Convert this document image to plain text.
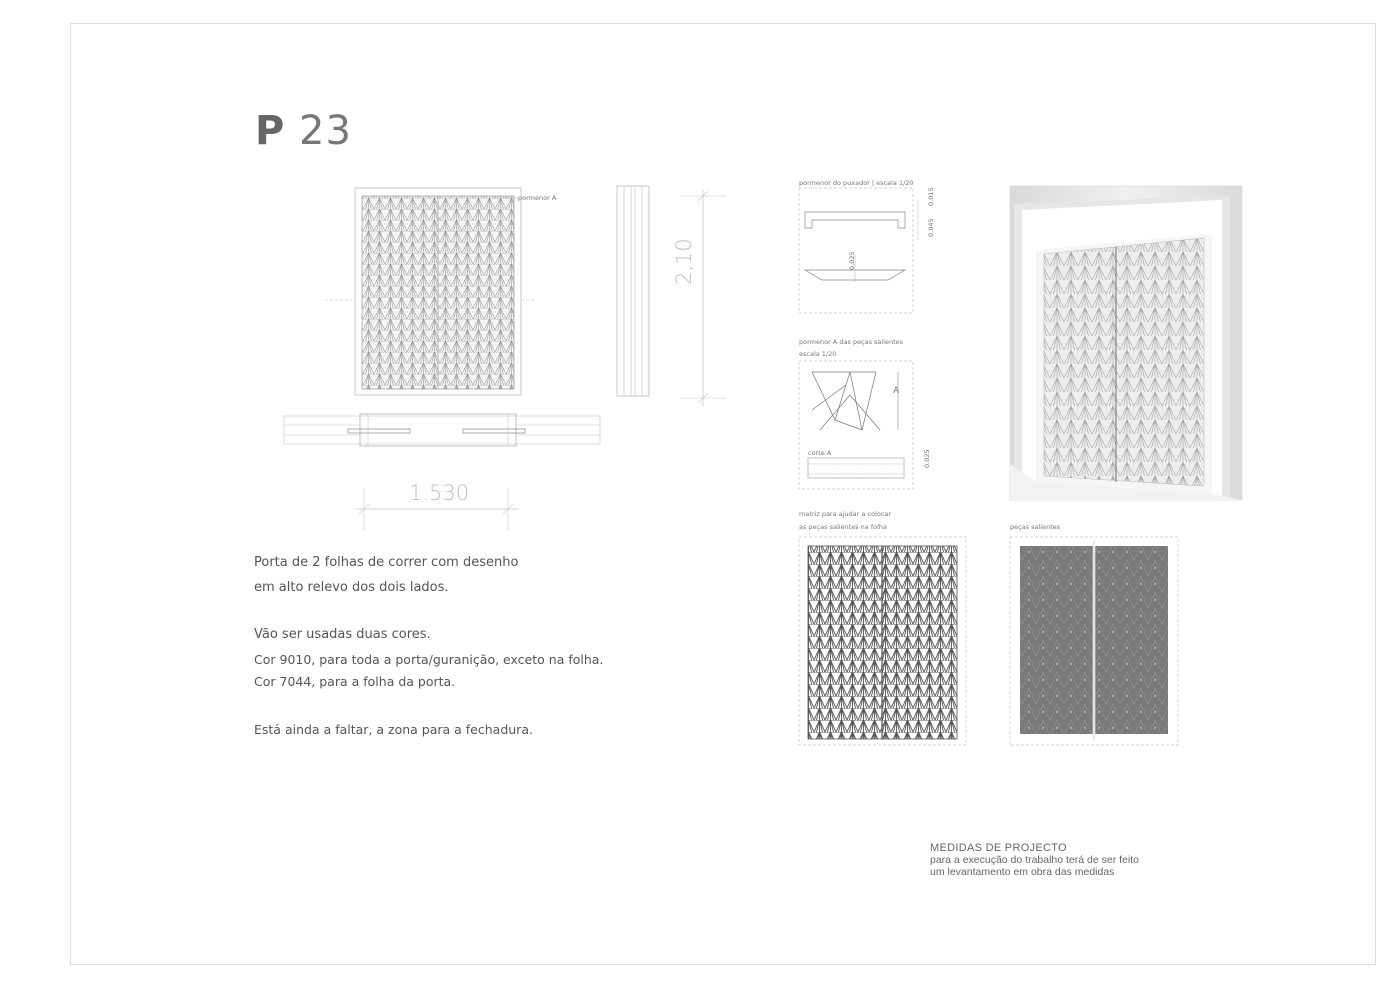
P 23
pormenor A
2,10
1.530
pormenor do puxador | escala 1/20
0,045
0,015
0,025
pormenor A das peças salientes
escala 1/20
A
corte A	0,025
matriz para ajudar a colocar
as peças salientes na folha	peças salientes
Porta de 2 folhas de correr com desenho
em alto relevo dos dois lados.
Vão ser usadas duas cores.
Cor 9010, para toda a porta/guranição, exceto na folha.
Cor 7044, para a folha da porta.
Está ainda a faltar, a zona para a fechadura.
MEDIDAS DE PROJECTO
para a execução do trabalho terá de ser feito
um levantamento em obra das medidas
